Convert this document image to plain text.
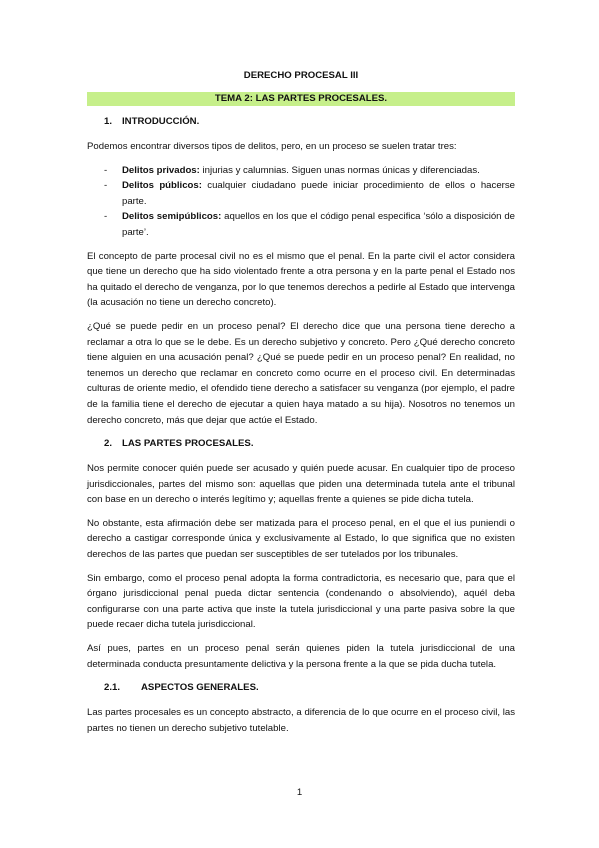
DERECHO PROCESAL III
TEMA 2: LAS PARTES PROCESALES.
1. INTRODUCCIÓN.

Podemos encontrar diversos tipos de delitos, pero, en un proceso se suelen tratar tres:

- Delitos privados: injurias y calumnias. Siguen unas normas únicas y diferenciadas.
- Delitos públicos: cualquier ciudadano puede iniciar procedimiento de ellos o hacerse parte.
- Delitos semipúblicos: aquellos en los que el código penal especifica ‘sólo a disposición de parte’.

El concepto de parte procesal civil no es el mismo que el penal. En la parte civil el actor considera que tiene un derecho que ha sido violentado frente a otra persona y en la parte penal el Estado nos ha quitado el derecho de venganza, por lo que tenemos derechos a pedirle al Estado que intervenga (la acusación no tiene un derecho concreto).

¿Qué se puede pedir en un proceso penal? El derecho dice que una persona tiene derecho a reclamar a otra lo que se le debe. Es un derecho subjetivo y concreto. Pero ¿Qué derecho concreto tiene alguien en una acusación penal? ¿Qué se puede pedir en un proceso penal? En realidad, no tenemos un derecho que reclamar en concreto como ocurre en el proceso civil. En determinadas culturas de oriente medio, el ofendido tiene derecho a satisfacer su venganza (por ejemplo, el padre de la familia tiene el derecho de ejecutar a quien haya matado a su hija). Nosotros no tenemos un derecho concreto, más que dejar que actúe el Estado.

2. LAS PARTES PROCESALES.

Nos permite conocer quién puede ser acusado y quién puede acusar. En cualquier tipo de proceso jurisdiccionales, partes del mismo son: aquellas que piden una determinada tutela ante el tribunal con base en un derecho o interés legítimo y; aquellas frente a quienes se pide dicha tutela.

No obstante, esta afirmación debe ser matizada para el proceso penal, en el que el ius puniendi o derecho a castigar corresponde única y exclusivamente al Estado, lo que significa que no existen derechos de las partes que puedan ser susceptibles de ser tutelados por los tribunales.

Sin embargo, como el proceso penal adopta la forma contradictoria, es necesario que, para que el órgano jurisdiccional penal pueda dictar sentencia (condenando o absolviendo), aquél deba configurarse con una parte activa que inste la tutela jurisdiccional y una parte pasiva sobre la que puede recaer dicha tutela jurisdiccional.

Así pues, partes en un proceso penal serán quienes piden la tutela jurisdiccional de una determinada conducta presuntamente delictiva y la persona frente a la que se pida ducha tutela.

2.1. ASPECTOS GENERALES.

Las partes procesales es un concepto abstracto, a diferencia de lo que ocurre en el proceso civil, las partes no tienen un derecho subjetivo tutelable.

1
